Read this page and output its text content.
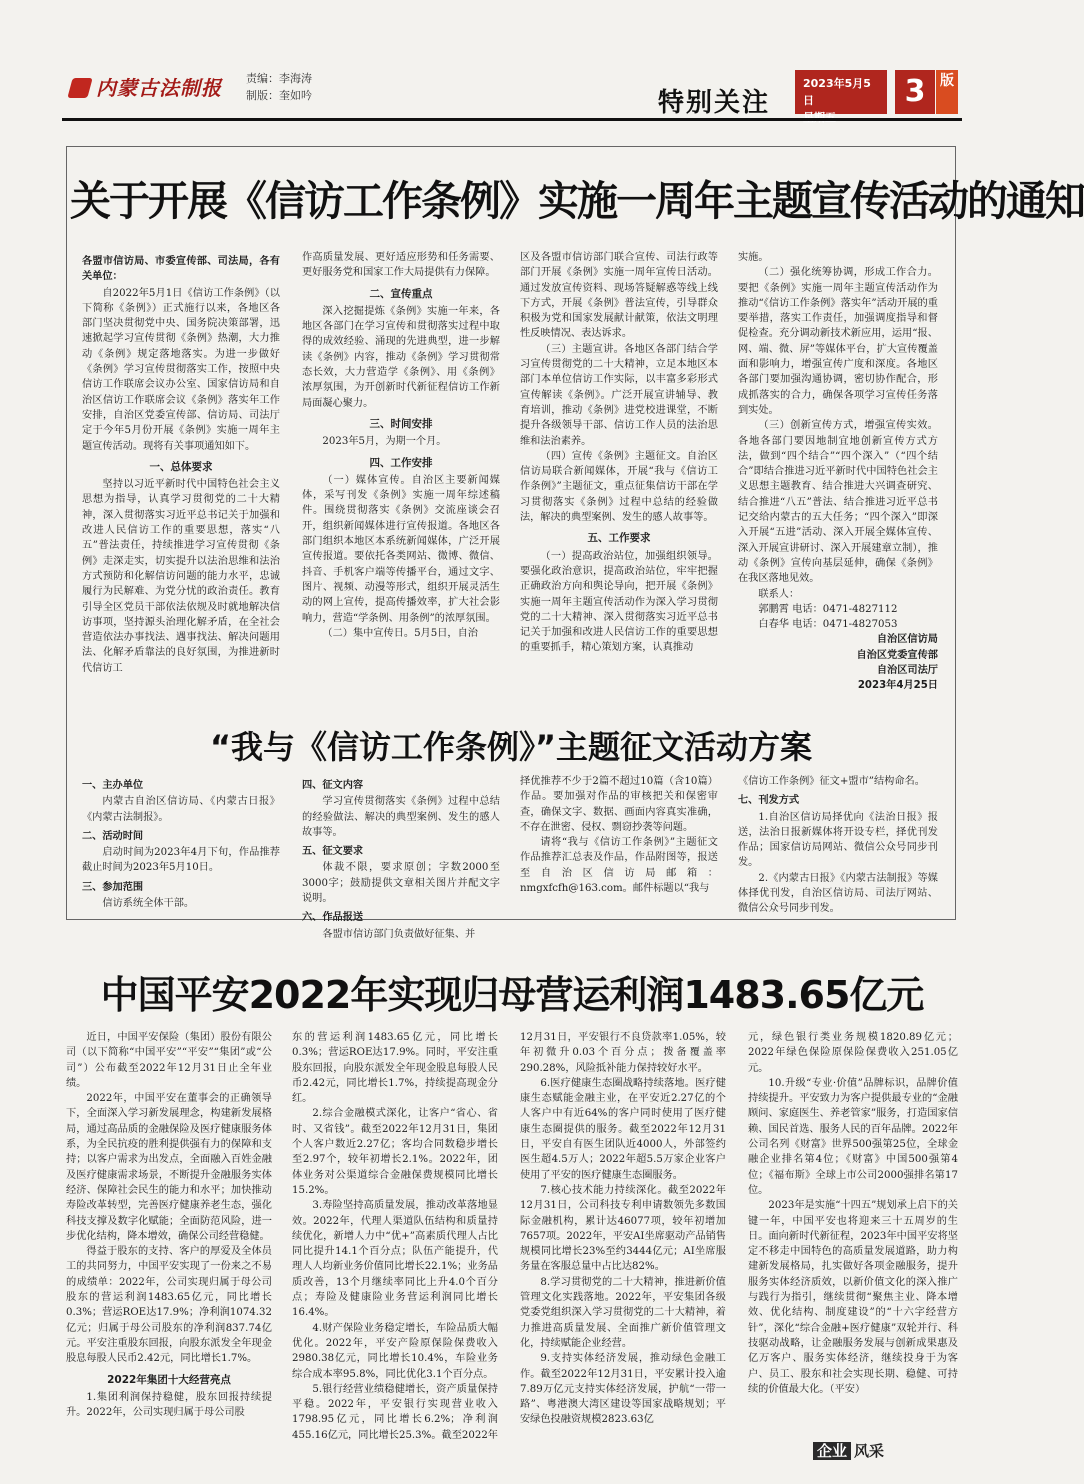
内蒙古法制报 责编：李海涛
制版：奎如吟	特别关注
2023年5月5日	3	版
关于开展《信访工作条例》实施一周年主题宣传活动的通知
各盟市信访局、市委宣传部、司法局，各有关单位：

自2022年5月1日《信访工作条例》（以下简称《条例》）正式施行以来，各地区各部门坚决贯彻党中央、国务院决策部署，迅速掀起学习宣传贯彻《条例》热潮，大力推动《条例》规定落地落实。为进一步做好《条例》学习宣传贯彻落实工作，按照中央信访工作联席会议办公室、国家信访局和自治区信访工作联席会议《条例》落实年工作安排，自治区党委宣传部、信访局、司法厅定于今年5月份开展《条例》实施一周年主题宣传活动。现将有关事项通知如下。

一、总体要求

坚持以习近平新时代中国特色社会主义思想为指导，认真学习贯彻党的二十大精神，深入贯彻落实习近平总书记关于加强和改进人民信访工作的重要思想，落实“八五”普法责任，持续推进学习宣传贯彻《条例》走深走实，切实提升以法治思维和法治方式预防和化解信访问题的能力水平，忠诚履行为民解难、为党分忧的政治责任。教育引导全区党员干部依法依规及时就地解决信访事项，坚持源头治理化解矛盾，在全社会营造依法办事找法、遇事找法、解决问题用法、化解矛盾靠法的良好氛围，为推进新时代信访工

作高质量发展、更好适应形势和任务需要、更好服务党和国家工作大局提供有力保障。

二、宣传重点

深入挖掘提炼《条例》实施一年来，各地区各部门在学习宣传和贯彻落实过程中取得的成效经验、涌现的先进典型，进一步解读《条例》内容，推动《条例》学习贯彻常态长效，大力营造学《条例》、用《条例》浓厚氛围，为开创新时代新征程信访工作新局面凝心聚力。

三、时间安排

2023年5月，为期一个月。

四、工作安排

（一）媒体宣传。自治区主要新闻媒体，采写刊发《条例》实施一周年综述稿件。围绕贯彻落实《条例》交流座谈会召开，组织新闻媒体进行宣传报道。各地区各部门组织本地区本系统新闻媒体，广泛开展宣传报道。要依托各类网站、微博、微信、抖音、手机客户端等传播平台，通过文字、图片、视频、动漫等形式，组织开展灵活生动的网上宣传，提高传播效率，扩大社会影响力，营造“学条例、用条例”的浓厚氛围。

（二）集中宣传日。5月5日，自治

区及各盟市信访部门联合宣传、司法行政等部门开展《条例》实施一周年宣传日活动。通过发放宣传资料、现场答疑解惑等线上线下方式，开展《条例》普法宣传，引导群众积极为党和国家发展献计献策，依法文明理性反映情况、表达诉求。

（三）主题宣讲。各地区各部门结合学习宣传贯彻党的二十大精神，立足本地区本部门本单位信访工作实际，以丰富多彩形式宣传解读《条例》。广泛开展宣讲辅导、教育培训，推动《条例》进党校进课堂，不断提升各级领导干部、信访工作人员的法治思维和法治素养。

（四）宣传《条例》主题征文。自治区信访局联合新闻媒体，开展“我与《信访工作条例》”主题征文，重点征集信访干部在学习贯彻落实《条例》过程中总结的经验做法，解决的典型案例、发生的感人故事等。

五、工作要求

（一）提高政治站位，加强组织领导。要强化政治意识，提高政治站位，牢牢把握正确政治方向和舆论导向，把开展《条例》实施一周年主题宣传活动作为深入学习贯彻党的二十大精神、深入贯彻落实习近平总书记关于加强和改进人民信访工作的重要思想的重要抓手，精心策划方案，认真推动

实施。

（二）强化统筹协调，形成工作合力。要把《条例》实施一周年主题宣传活动作为推动“《信访工作条例》落实年”活动开展的重要举措，落实工作责任，加强调度指导和督促检查。充分调动新技术新应用，运用“报、网、端、微、屏”等媒体平台，扩大宣传覆盖面和影响力，增强宣传广度和深度。各地区各部门要加强沟通协调，密切协作配合，形成抓落实的合力，确保各项学习宣传任务落到实处。

（三）创新宣传方式，增强宣传实效。各地各部门要因地制宜地创新宣传方式方法，做到“四个结合”“四个深入”（“四个结合”即结合推进习近平新时代中国特色社会主义思想主题教育、结合推进大兴调查研究、结合推进“八五”普法、结合推进习近平总书记交给内蒙古的五大任务；“四个深入”即深入开展“五进”活动、深入开展全媒体宣传、深入开展宣讲研讨、深入开展建章立制），推动《条例》宣传向基层延伸，确保《条例》在我区落地见效。

联系人：

郭鹏霄 电话：0471-4827112

白春华 电话：0471-4827053

自治区信访局

自治区党委宣传部

自治区司法厅

2023年4月25日

“我与《信访工作条例》”主题征文活动方案
一、主办单位

内蒙古自治区信访局、《内蒙古日报》《内蒙古法制报》。

二、活动时间

启动时间为2023年4月下旬，作品推荐截止时间为2023年5月10日。

三、参加范围

信访系统全体干部。

四、征文内容

学习宣传贯彻落实《条例》过程中总结的经验做法、解决的典型案例、发生的感人故事等。

五、征文要求

体裁不限，要求原创；字数2000至3000字；鼓励提供文章相关图片并配文字说明。

六、作品报送

各盟市信访部门负责做好征集、并

择优推荐不少于2篇不超过10篇（含10篇）作品。要加强对作品的审核把关和保密审查，确保文字、数据、画面内容真实准确，不存在泄密、侵权、剽窃抄袭等问题。

请将“我与《信访工作条例》”主题征文作品推荐汇总表及作品，作品附图等，报送至自治区信访局邮箱：nmgxfcfh@163.com。邮件标题以“我与

《信访工作条例》征文+盟市”结构命名。

七、刊发方式

1.自治区信访局择优向《法治日报》报送，法治日报新媒体将开设专栏，择优刊发作品；国家信访局网站、微信公众号同步刊发。

2.《内蒙古日报》《内蒙古法制报》等媒体择优刊发，自治区信访局、司法厅网站、微信公众号同步刊发。

中国平安2022年实现归母营运利润1483.65亿元

近日，中国平安保险（集团）股份有限公司（以下简称“中国平安”“平安”“集团”或“公司”）公布截至2022年12月31日止全年业绩。

2022年，中国平安在董事会的正确领导下，全面深入学习新发展理念，构建新发展格局，通过高品质的金融保险及医疗健康服务体系，为全民抗疫的胜利提供强有力的保障和支持；以客户需求为出发点，全面融入百姓金融及医疗健康需求场景，不断提升金融服务实体经济、保障社会民生的能力和水平；加快推动寿险改革转型，完善医疗健康养老生态，强化科技支撑及数字化赋能；全面防范风险，进一步优化结构，降本增效，确保公司经营稳健。

得益于股东的支持、客户的厚爱及全体员工的共同努力，中国平安实现了一份来之不易的成绩单：2022年，公司实现归属于母公司股东的营运利润1483.65亿元，同比增长0.3%；营运ROE达17.9%；净利润1074.32亿元；归属于母公司股东的净利润837.74亿元。平安注重股东回报，向股东派发全年现金股息每股人民币2.42元，同比增长1.7%。

2022年集团十大经营亮点

1.集团利润保持稳健，股东回报持续提升。2022年，公司实现归属于母公司股

东的营运利润1483.65亿元，同比增长0.3%；营运ROE达17.9%。同时，平安注重股东回报，向股东派发全年现金股息每股人民币2.42元，同比增长1.7%，持续提高现金分红。

2.综合金融模式深化，让客户“省心、省时、又省钱”。截至2022年12月31日，集团个人客户数近2.27亿；客均合同数稳步增长至2.97个，较年初增长2.1%。2022年，团体业务对公渠道综合金融保费规模同比增长15.2%。

3.寿险坚持高质量发展，推动改革落地显效。2022年，代理人渠道队伍结构和质量持续优化，新增人力中“优+”高素质代理人占比同比提升14.1个百分点；队伍产能提升，代理人人均新业务价值同比增长22.1%；业务品质改善，13个月继续率同比上升4.0个百分点；寿险及健康险业务营运利润同比增长16.4%。

4.财产保险业务稳定增长，车险品质大幅优化。2022年，平安产险原保险保费收入2980.38亿元，同比增长10.4%，车险业务综合成本率95.8%，同比优化3.1个百分点。

5.银行经营业绩稳健增长，资产质量保持平稳。2022年，平安银行实现营业收入1798.95亿元，同比增长6.2%；净利润455.16亿元，同比增长25.3%。截至2022年

12月31日，平安银行不良贷款率1.05%，较年初微升0.03个百分点；拨备覆盖率290.28%，风险抵补能力保持较好水平。

6.医疗健康生态圈战略持续落地。医疗健康生态赋能金融主业，在平安近2.27亿的个人客户中有近64%的客户同时使用了医疗健康生态圈提供的服务。截至2022年12月31日，平安自有医生团队近4000人，外部签约医生超4.5万人；2022年超5.5万家企业客户使用了平安的医疗健康生态圈服务。

7.核心技术能力持续深化。截至2022年12月31日，公司科技专利申请数领先多数国际金融机构，累计达46077项，较年初增加7657项。2022年，平安AI坐席驱动产品销售规模同比增长23%至约3444亿元；AI坐席服务量在客服总量中占比达82%。

8.学习贯彻党的二十大精神，推进新价值管理文化实践落地。2022年，平安集团各级党委党组织深入学习贯彻党的二十大精神，着力推进高质量发展、全面推广新价值管理文化，持续赋能企业经营。

9.支持实体经济发展，推动绿色金融工作。截至2022年12月31日，平安累计投入逾7.89万亿元支持实体经济发展，护航“一带一路”、粤港澳大湾区建设等国家战略规划；平安绿色投融资规模2823.63亿

元，绿色银行类业务规模1820.89亿元；2022年绿色保险原保险保费收入251.05亿元。

10.升级“专业·价值”品牌标识，品牌价值持续提升。平安致力为客户提供最专业的“金融顾问、家庭医生、养老管家”服务，打造国家信赖、国民首选、服务人民的百年品牌。2022年公司名列《财富》世界500强第25位，全球金融企业排名第4位；《财富》中国500强第4位；《福布斯》全球上市公司2000强排名第17位。

2023年是实施“十四五”规划承上启下的关键一年，中国平安也将迎来三十五周岁的生日。面向新时代新征程，2023年中国平安将坚定不移走中国特色的高质量发展道路，助力构建新发展格局，扎实做好各项金融服务，提升服务实体经济质效，以新价值文化的深入推广与践行为指引，继续贯彻“聚焦主业、降本增效、优化结构、制度建设”的“十六字经营方针”，深化“综合金融+医疗健康”双轮并行、科技驱动战略，让金融服务发展与创新成果惠及亿万客户、服务实体经济，继续投身于为客户、员工、股东和社会实现长期、稳健、可持续的价值最大化。（平安）

企业 风采
